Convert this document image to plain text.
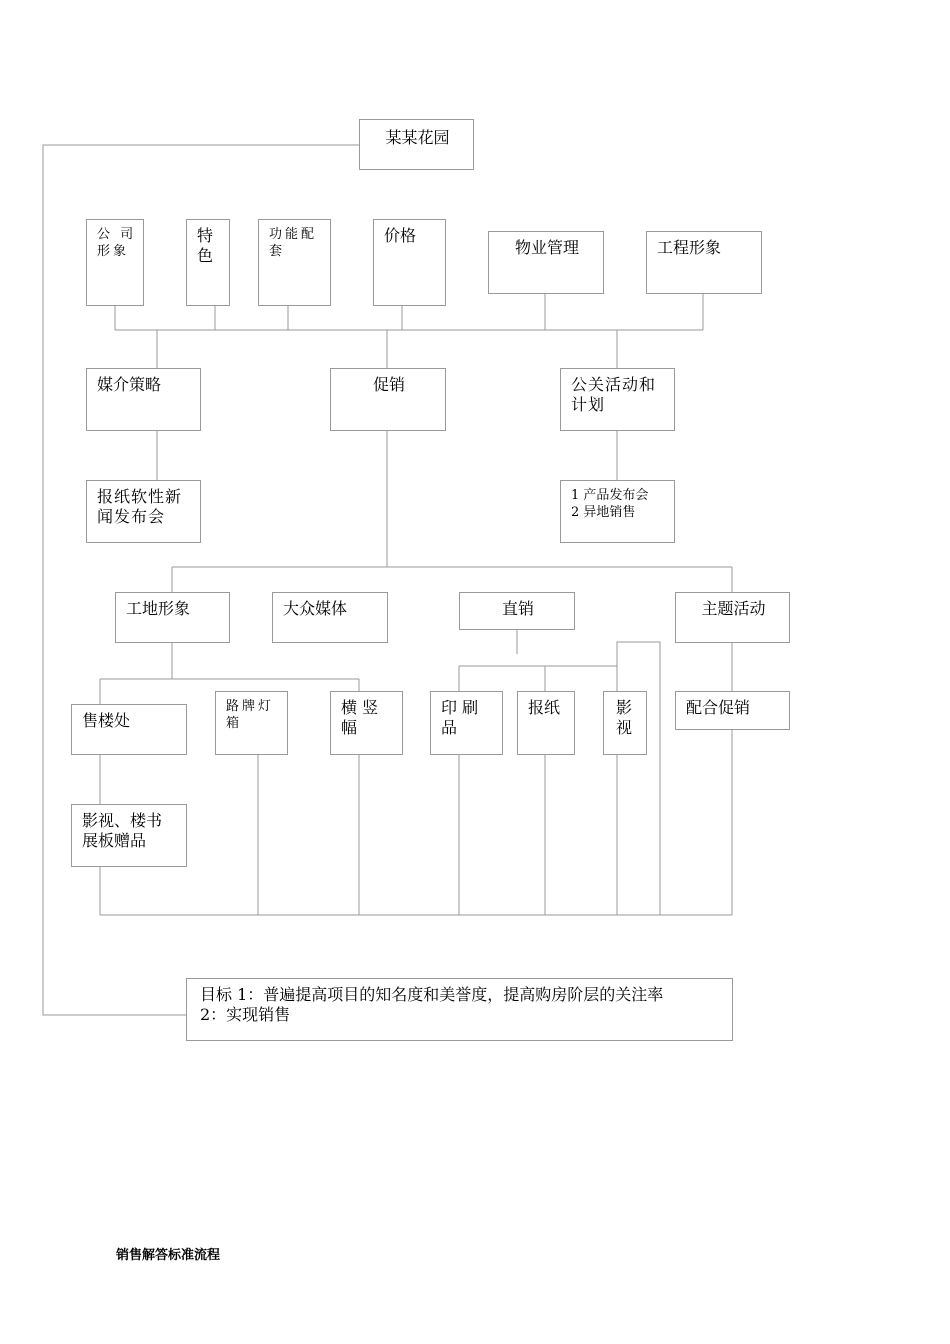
某某花园
公 司
形象
特
色
功能配
套
价格
物业管理	工程形象
媒介策略	促销	公关活动和
计划
报纸软性新
闻发布会
1 产品发布会
2 异地销售
工地形象	大众媒体	直销	主题活动
售楼处
路牌灯
箱
横 竖
幅
印 刷
品
报纸	影
视
配合促销
影视、楼书
展板赠品
目标 1：普遍提高项目的知名度和美誉度，提高购房阶层的关注率
2：实现销售
销售解答标准流程
